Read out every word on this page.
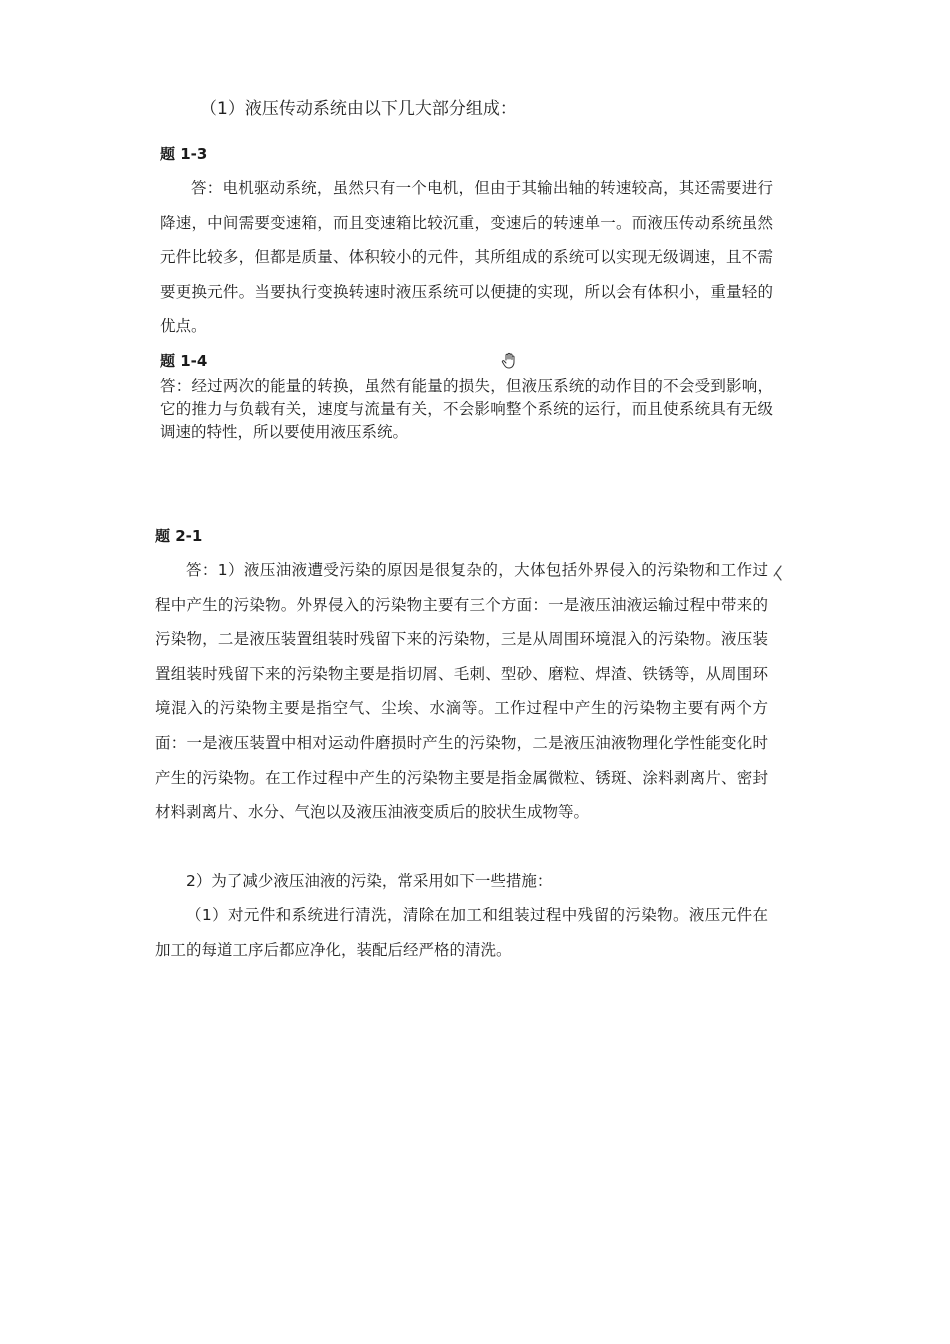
（1）液压传动系统由以下几大部分组成：
题 1-3

答：电机驱动系统，虽然只有一个电机，但由于其输出轴的转速较高，其还需要进行降速，中间需要变速箱，而且变速箱比较沉重，变速后的转速单一。而液压传动系统虽然元件比较多，但都是质量、体积较小的元件，其所组成的系统可以实现无级调速，且不需要更换元件。当要执行变换转速时液压系统可以便捷的实现，所以会有体积小，重量轻的优点。

题 1-4

答：经过两次的能量的转换，虽然有能量的损失，但液压系统的动作目的不会受到影响，它的推力与负载有关，速度与流量有关，不会影响整个系统的运行，而且使系统具有无级调速的特性，所以要使用液压系统。

题 2-1

答：1）液压油液遭受污染的原因是很复杂的，大体包括外界侵入的污染物和工作过程中产生的污染物。外界侵入的污染物主要有三个方面：一是液压油液运输过程中带来的污染物，二是液压装置组装时残留下来的污染物，三是从周围环境混入的污染物。液压装置组装时残留下来的污染物主要是指切屑、毛刺、型砂、磨粒、焊渣、铁锈等，从周围环境混入的污染物主要是指空气、尘埃、水滴等。工作过程中产生的污染物主要有两个方面：一是液压装置中相对运动件磨损时产生的污染物，二是液压油液物理化学性能变化时产生的污染物。在工作过程中产生的污染物主要是指金属微粒、锈斑、涂料剥离片、密封材料剥离片、水分、气泡以及液压油液变质后的胶状生成物等。

2）为了减少液压油液的污染，常采用如下一些措施：

（1）对元件和系统进行清洗，清除在加工和组装过程中残留的污染物。液压元件在加工的每道工序后都应净化，装配后经严格的清洗。
